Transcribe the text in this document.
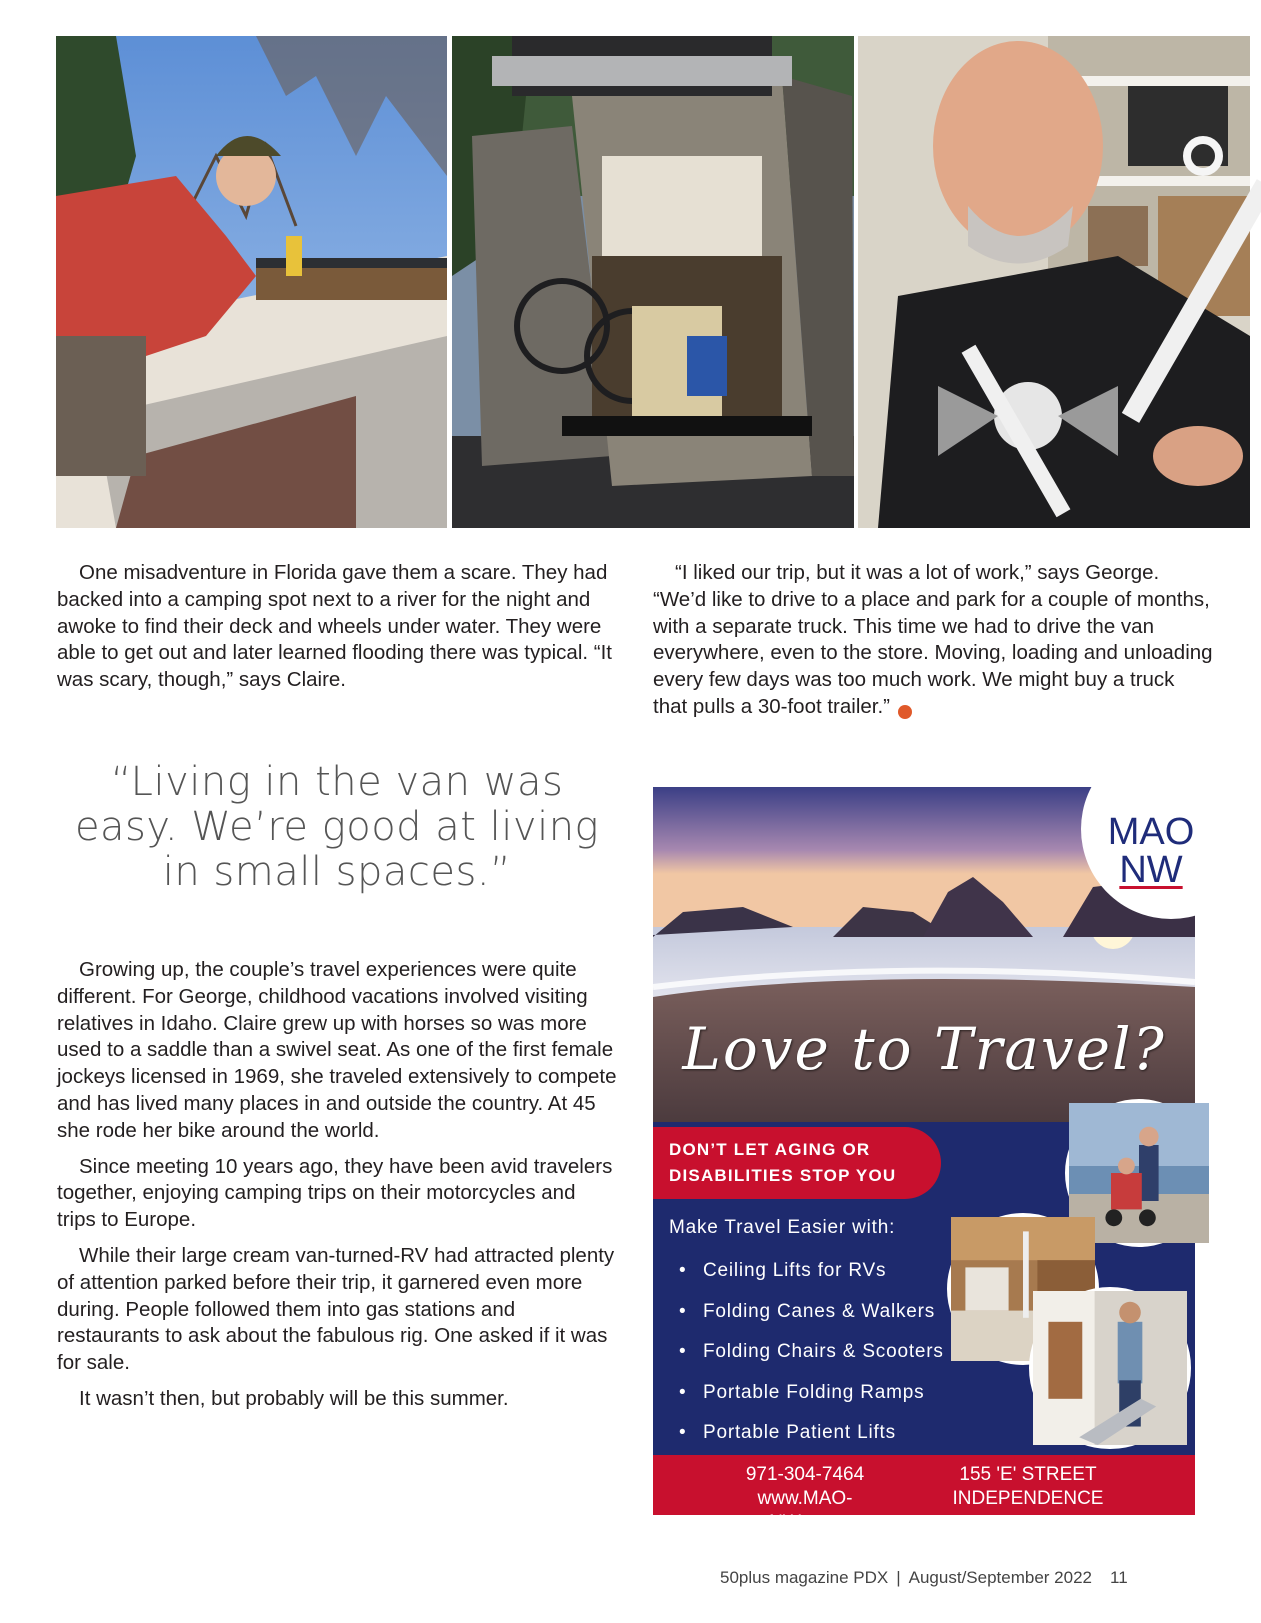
One misadventure in Florida gave them a scare. They had backed into a camping spot next to a river for the night and awoke to find their deck and wheels under water. They were able to get out and later learned flooding there was typical. “It was scary, though,” says Claire.

“I liked our trip, but it was a lot of work,” says George. “We’d like to drive to a place and park for a couple of months, with a separate truck. This time we had to drive the van everywhere, even to the store. Moving, loading and unloading every few days was too much work. We might buy a truck that pulls a 30-foot trailer.”

“Living in the van was easy. We’re good at living in small spaces.”

Growing up, the couple’s travel experiences were quite different. For George, childhood vacations involved visiting relatives in Idaho. Claire grew up with horses so was more used to a saddle than a swivel seat. As one of the first female jockeys licensed in 1969, she traveled extensively to compete and has lived many places in and outside the country. At 45 she rode her bike around the world.

Since meeting 10 years ago, they have been avid travelers together, enjoying camping trips on their motorcycles and trips to Europe.

While their large cream van-turned-RV had attracted plenty of attention parked before their trip, it garnered even more during. People followed them into gas stations and restaurants to ask about the fabulous rig. One asked if it was for sale.

It wasn’t then, but probably will be this summer.

MAO
NW
Love to Travel?
DON’T LET AGING OR
DISABILITIES STOP YOU
Make Travel Easier with:
• Ceiling Lifts for RVs
• Folding Canes & Walkers
• Folding Chairs & Scooters
• Portable Folding Ramps
• Portable Patient Lifts
971-304-7464
www.MAO-NW.com
155 'E' STREET
INDEPENDENCE
50plus magazine PDX | August/September 2022 11
